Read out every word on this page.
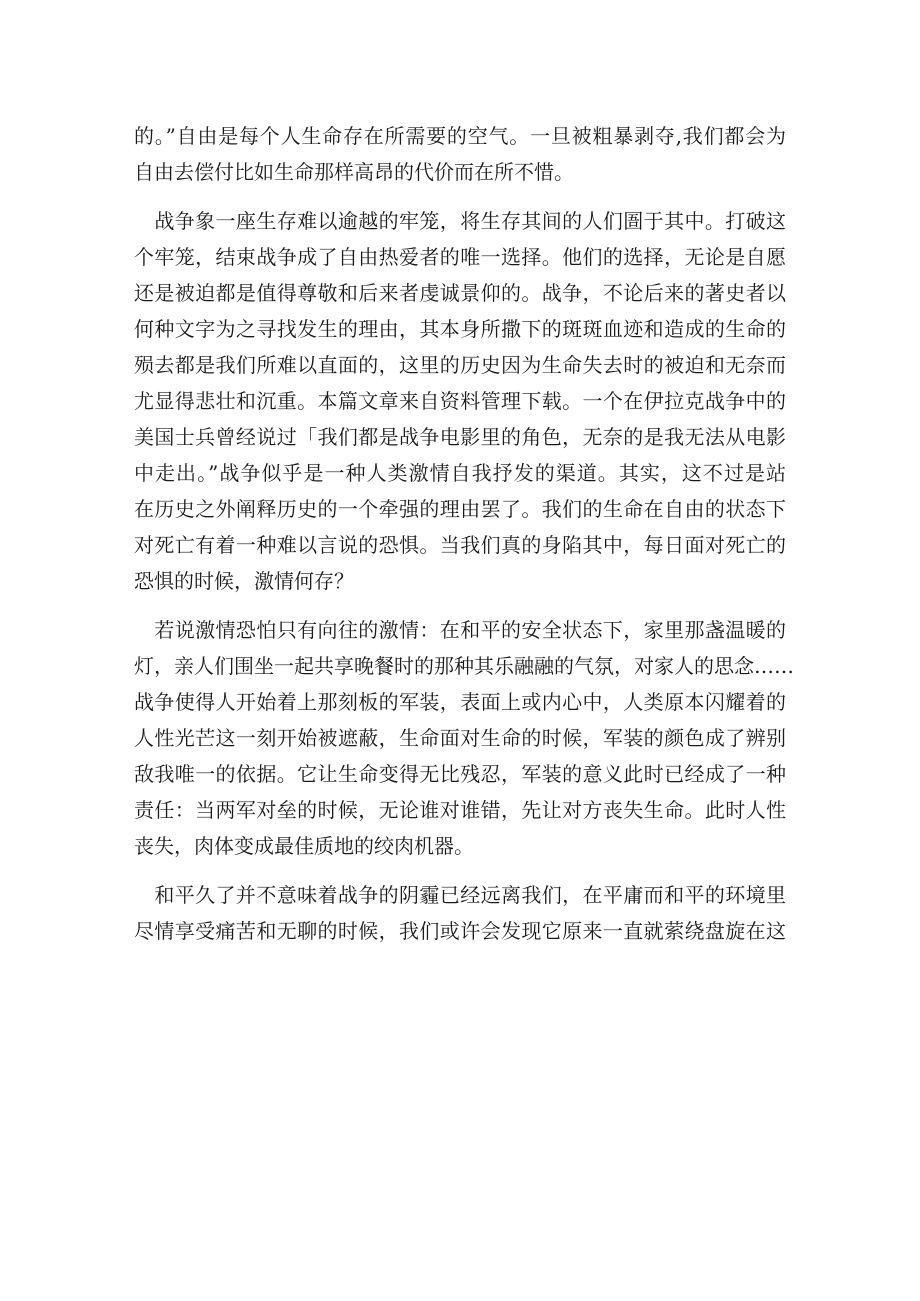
的。”自由是每个人生命存在所需要的空气。一旦被粗暴剥夺,我们都会为
自由去偿付比如生命那样高昂的代价而在所不惜。

　战争象一座生存难以逾越的牢笼，将生存其间的人们圄于其中。打破这
个牢笼，结束战争成了自由热爱者的唯一选择。他们的选择，无论是自愿
还是被迫都是值得尊敬和后来者虔诚景仰的。战争，不论后来的著史者以
何种文字为之寻找发生的理由，其本身所撒下的斑斑血迹和造成的生命的
殒去都是我们所难以直面的，这里的历史因为生命失去时的被迫和无奈而
尤显得悲壮和沉重。本篇文章来自资料管理下载。一个在伊拉克战争中的
美国士兵曾经说过「我们都是战争电影里的角色，无奈的是我无法从电影
中走出。”战争似乎是一种人类激情自我抒发的渠道。其实，这不过是站
在历史之外阐释历史的一个牵强的理由罢了。我们的生命在自由的状态下
对死亡有着一种难以言说的恐惧。当我们真的身陷其中，每日面对死亡的
恐惧的时候，激情何存？

　若说激情恐怕只有向往的激情：在和平的安全状态下，家里那盏温暖的
灯，亲人们围坐一起共享晚餐时的那种其乐融融的气氛，对家人的思念……
战争使得人开始着上那刻板的军装，表面上或内心中，人类原本闪耀着的
人性光芒这一刻开始被遮蔽，生命面对生命的时候，军装的颜色成了辨别
敌我唯一的依据。它让生命变得无比残忍，军装的意义此时已经成了一种
责任：当两军对垒的时候，无论谁对谁错，先让对方丧失生命。此时人性
丧失，肉体变成最佳质地的绞肉机器。

　和平久了并不意味着战争的阴霾已经远离我们，在平庸而和平的环境里
尽情享受痛苦和无聊的时候，我们或许会发现它原来一直就萦绕盘旋在这
